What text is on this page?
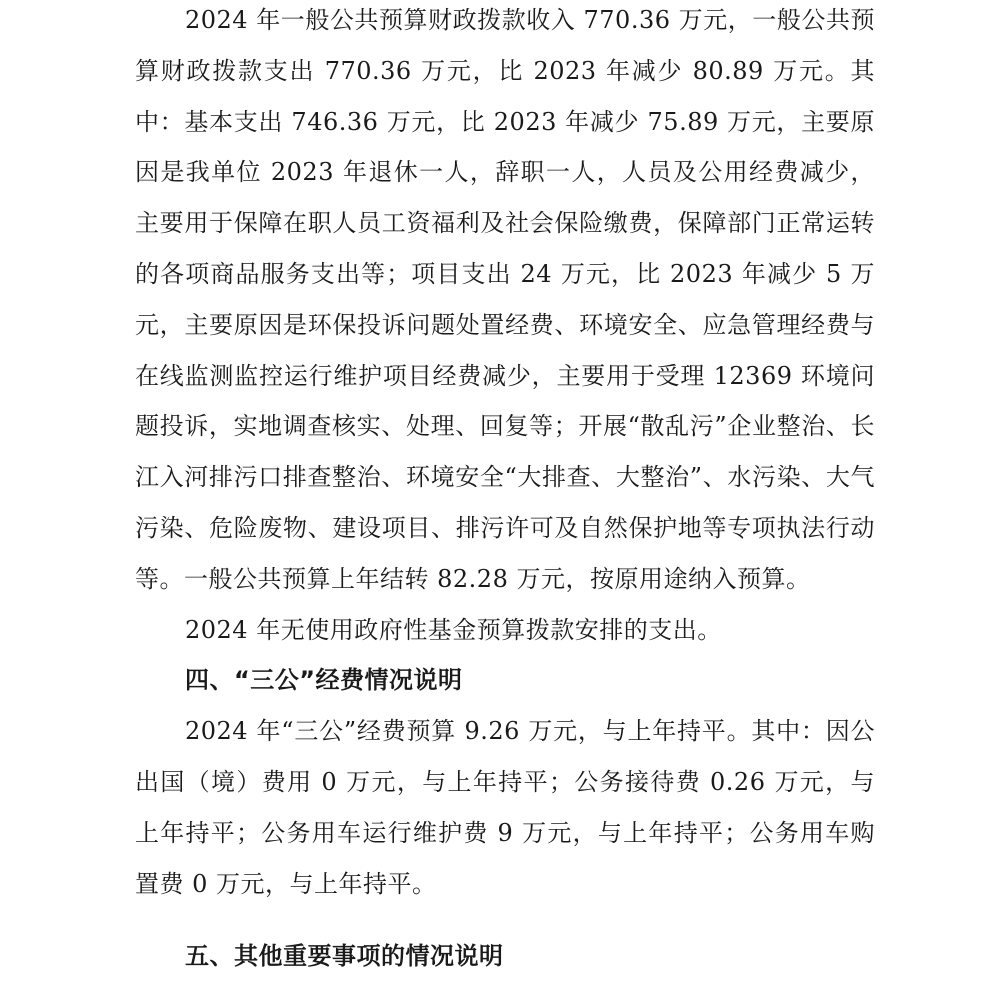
2024 年一般公共预算财政拨款收入 770.36 万元，一般公共预算财政拨款支出 770.36 万元，比 2023 年减少 80.89 万元。其中：基本支出 746.36 万元，比 2023 年减少 75.89 万元，主要原因是我单位 2023 年退休一人，辞职一人，人员及公用经费减少，主要用于保障在职人员工资福利及社会保险缴费，保障部门正常运转的各项商品服务支出等；项目支出 24 万元，比 2023 年减少 5 万元，主要原因是环保投诉问题处置经费、环境安全、应急管理经费与在线监测监控运行维护项目经费减少，主要用于受理 12369 环境问题投诉，实地调查核实、处理、回复等；开展“散乱污”企业整治、长江入河排污口排查整治、环境安全“大排查、大整治”、水污染、大气污染、危险废物、建设项目、排污许可及自然保护地等专项执法行动等。一般公共预算上年结转 82.28 万元，按原用途纳入预算。

2024 年无使用政府性基金预算拨款安排的支出。

四、“三公”经费情况说明

2024 年“三公”经费预算 9.26 万元，与上年持平。其中：因公出国（境）费用 0 万元，与上年持平；公务接待费 0.26 万元，与上年持平；公务用车运行维护费 9 万元，与上年持平；公务用车购置费 0 万元，与上年持平。

五、其他重要事项的情况说明
